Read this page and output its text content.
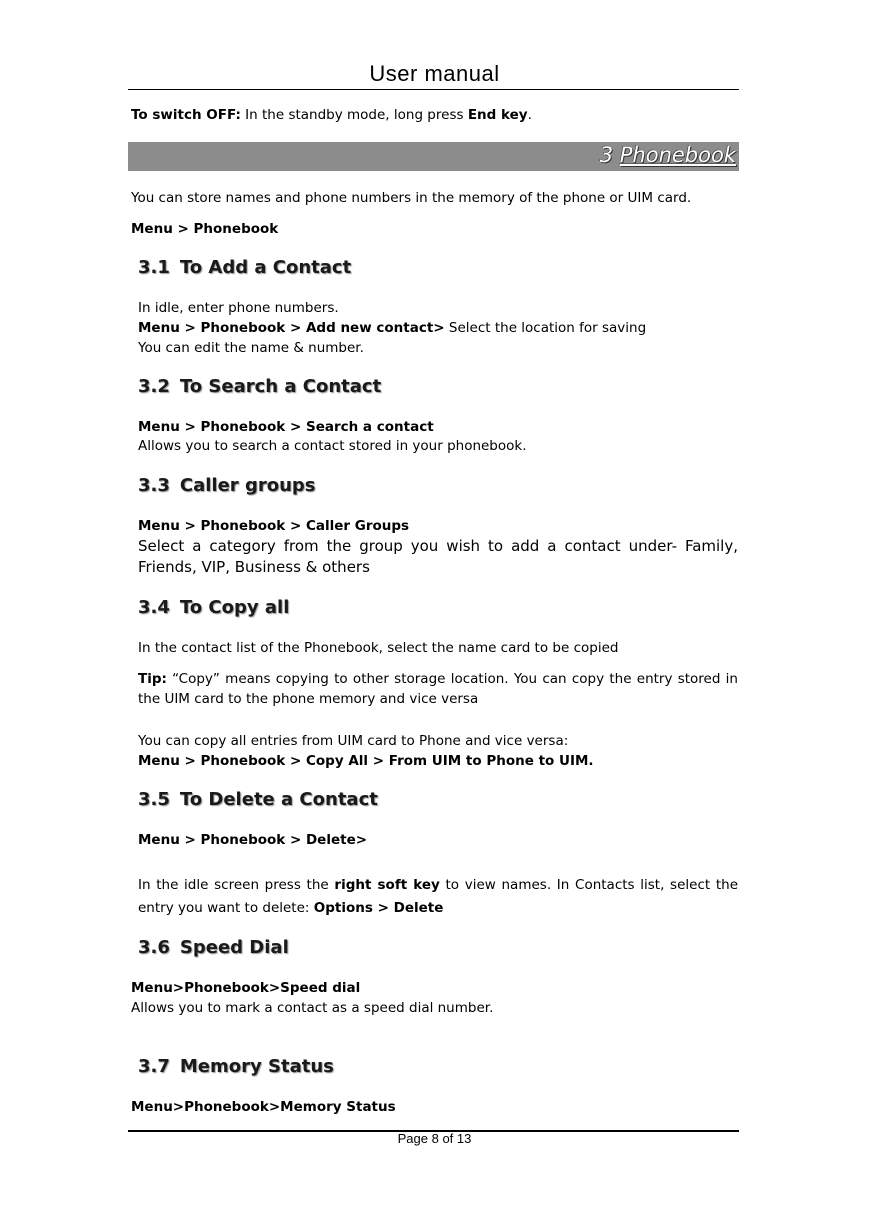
User manual
To switch OFF: In the standby mode, long press End key.
3 Phonebook
You can store names and phone numbers in the memory of the phone or UIM card.
Menu > Phonebook
3.1 To Add a Contact
In idle, enter phone numbers.
Menu > Phonebook > Add new contact> Select the location for saving
You can edit the name & number.
3.2 To Search a Contact
Menu > Phonebook > Search a contact
Allows you to search a contact stored in your phonebook.
3.3 Caller groups
Menu > Phonebook > Caller Groups
Select a category from the group you wish to add a contact under- Family, Friends, VIP, Business & others
3.4 To Copy all
In the contact list of the Phonebook, select the name card to be copied
Tip: “Copy” means copying to other storage location. You can copy the entry stored in the UIM card to the phone memory and vice versa
You can copy all entries from UIM card to Phone and vice versa:
Menu > Phonebook > Copy All > From UIM to Phone to UIM.
3.5 To Delete a Contact
Menu > Phonebook > Delete>
In the idle screen press the right soft key to view names. In Contacts list, select the entry you want to delete: Options > Delete
3.6 Speed Dial
Menu>Phonebook>Speed dial
Allows you to mark a contact as a speed dial number.
3.7 Memory Status
Menu>Phonebook>Memory Status
Page 8 of 13
